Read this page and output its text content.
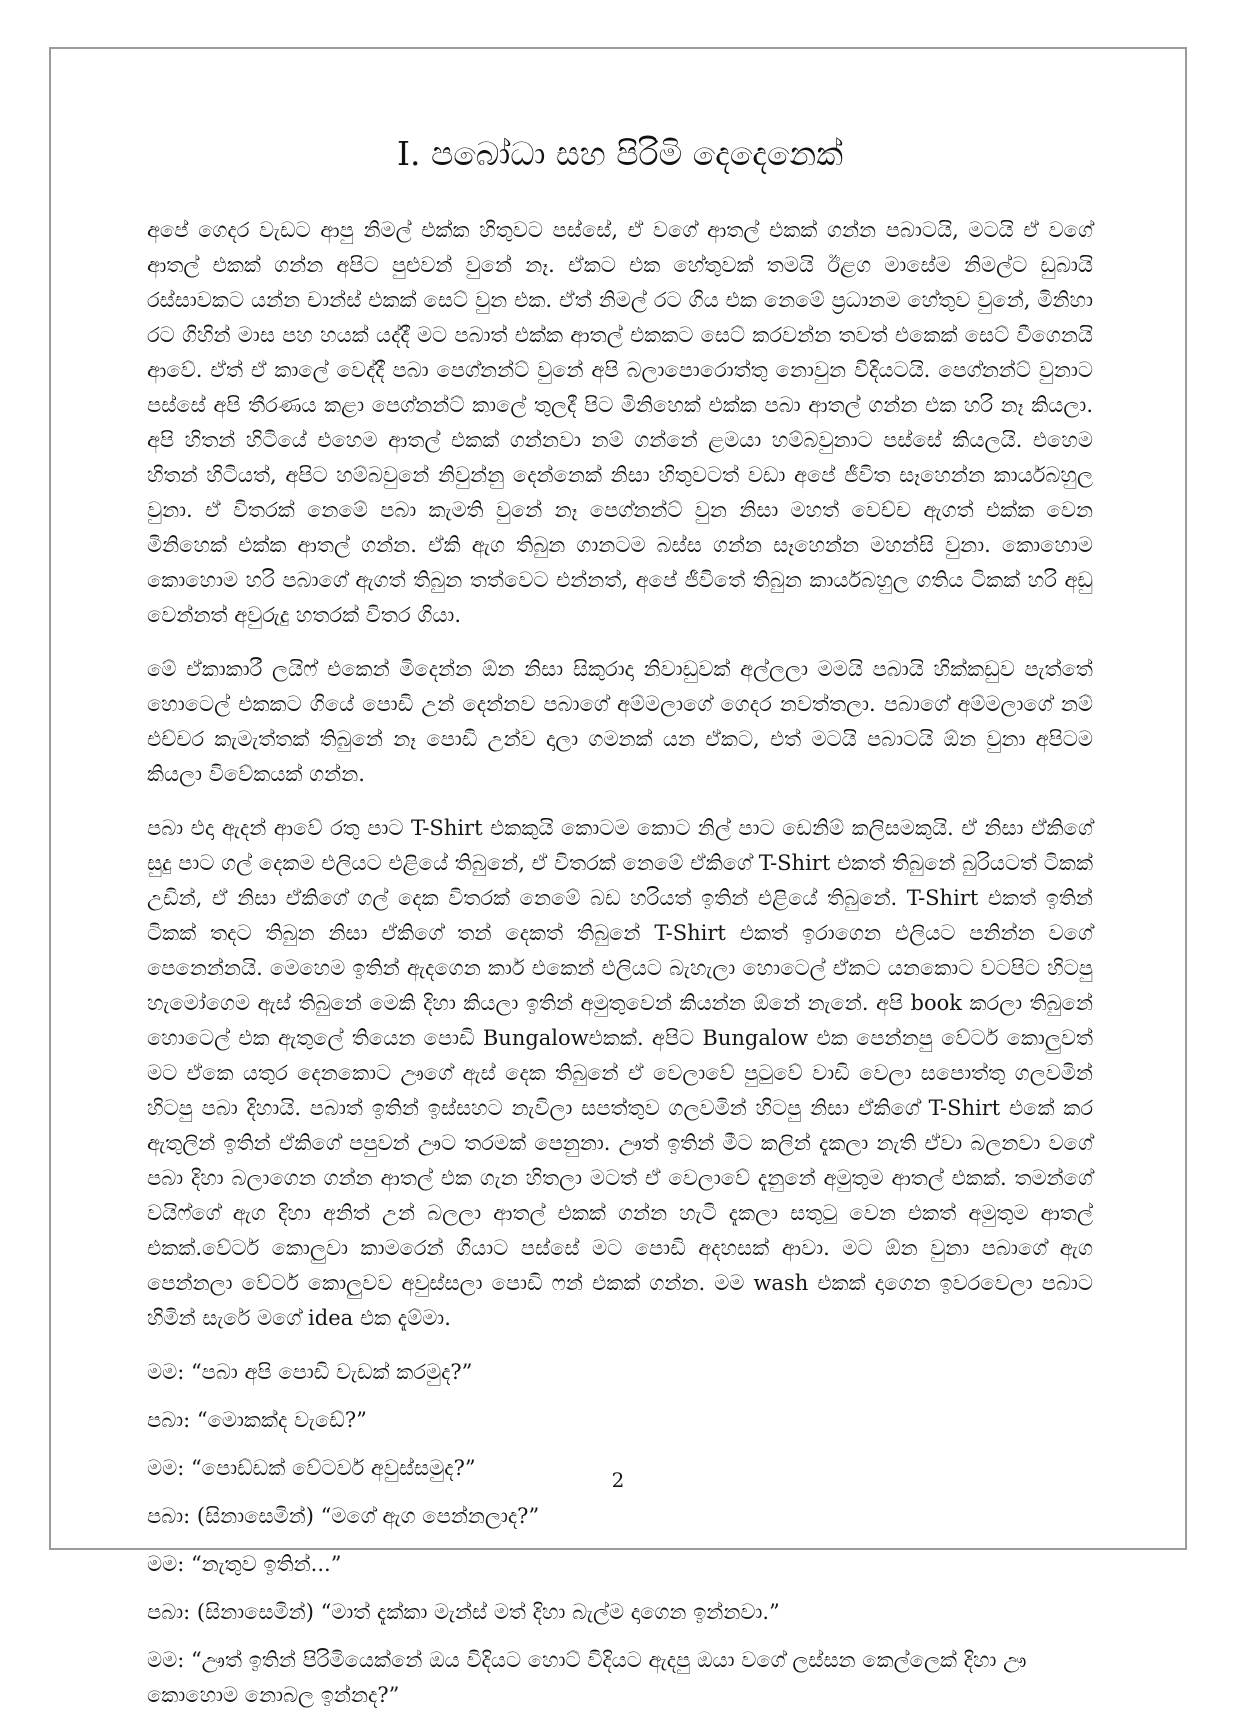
I. පබෝධා සහ පිරිමි දෙදෙනෙක්

අපේ ගෙදර වැඩට ආපු නිමල් එක්ක හිතුවට පස්සේ, ඒ වගේ ආතල් එකක් ගන්න පබාටයි, මටයි ඒ වගේ ආතල් එකක් ගන්න අපිට පුළුවන් වුනේ නෑ. ඒකට එක හේතුවක් තමයි ඊළග මාසේම නිමල්ට ඩුබායි රස්සාවකට යන්න චාන්ස් එකක් සෙට් වුන එක. ඒත් නිමල් රට ගිය එක නෙමේ ප්‍රධානම හේතුව වුනේ, මිනිහා රට ගිහින් මාස පහ හයක් යද්දී මට පබාත් එක්ක ආතල් එකකට සෙට් කරවන්න තවත් එකෙක් සෙට් වීගෙනයි ආවේ. ඒත් ඒ කාලේ වෙද්දී පබා පෙග්නන්ට් වුනේ අපි බලාපොරොත්තු නොවුන විදියටයි. පෙග්නන්ට් වුනාට පස්සේ අපි තීරණය කළා පෙග්නන්ට් කාලේ තුලදී පිට මිනිහෙක් එක්ක පබා ආතල් ගන්න එක හරි නෑ කියලා. අපි හිතන් හිටියේ එහෙම ආතල් එකක් ගන්නවා නම් ගන්නේ ළමයා හම්බවුනාට පස්සේ කියලයි. එහෙම හිතන් හිටියත්, අපිට හම්බවුනේ නිවුන්නු දෙන්නෙක් නිසා හිතුවටත් වඩා අපේ ජීවිත සෑහෙන්න කාර්යබහුල වුනා. ඒ විතරක් නෙමේ පබා කැමති වුනේ නෑ පෙග්නන්ට් වුන නිසා මහත් වෙච්ච ඇගත් එක්ක වෙන මිනිහෙක් එක්ක ආතල් ගන්න. ඒකි ඇග තිබුන ගානටම බස්ස ගන්න සෑහෙන්න මහන්සි වුනා. කොහොම කොහොම හරි පබාගේ ඇගත් තිබුන තත්වෙට එන්නත්, අපේ ජීවිතේ තිබුන කාර්යබහුල ගතිය ටිකක් හරි අඩු වෙන්නත් අවුරුදු හතරක් විතර ගියා.

මේ ඒකාකාරී ලයිෆ් එකෙන් මිදෙන්න ඕන නිසා සිකුරාදා නිවාඩුවක් අල්ලලා මමයි පබායි හික්කඩුව පැත්තේ හොටෙල් එකකට ගියේ පොඩි උන් දෙන්නව පබාගේ අම්මලාගේ ගෙදර නවත්තලා. පබාගේ අම්මලාගේ නම් එච්චර කැමැත්තක් තිබුනේ නෑ පොඩි උන්ව දාලා ගමනක් යන ඒකට, එත් මටයි පබාටයි ඕන වුනා අපිටම කියලා විවේකයක් ගන්න.

පබා එදා ඇදන් ආවේ රතු පාට T-Shirt එකකුයි කොටම කොට නිල් පාට ඩෙනිම් කලිසමකුයි. ඒ නිසා ඒකිගේ සුදු පාට ගල් දෙකම එලියට එළියේ තිබුනේ, ඒ විතරක් නෙමේ ඒකිගේ T-Shirt එකත් තිබුනේ බුරියටත් ටිකක් උඩින්, ඒ නිසා ඒකිගේ ගල් දෙක විතරක් නෙමේ බඩ හරියත් ඉතින් එළියේ තිබුනේ. T-Shirt එකත් ඉතින් ටිකක් තදට තිබුන නිසා ඒකිගේ තන් දෙකත් තිබුනේ T-Shirt එකත් ඉරාගෙන එලියට පනින්න වගේ පෙනෙන්නයි. මෙහෙම ඉතින් ඇදගෙන කාර් එකෙන් එලියට බැහැලා හොටෙල් ඒකට යනකොට වටපිට හිටපු හැමෝගෙම ඇස් තිබුනේ මෙකි දිහා කියලා ඉතින් අමුතුවෙන් කියන්න ඕනේ නැනේ. අපි book කරලා තිබුනේ හොටෙල් එක ඇතුලේ තියෙන පොඩි Bungalowඑකක්. අපිට Bungalow එක පෙන්නපු වේටර් කොලුවත් මට ඒකෙ යතුර දෙනකොට ඌගේ ඇස් දෙක තිබුනේ ඒ වෙලාවේ පුටුවේ වාඩි වෙලා සපොත්තු ගලවමින් හිටපු පබා දිහායි. පබාත් ඉතින් ඉස්සහට නැවිලා සපත්තුව ගලවමින් හිටපු නිසා ඒකිගේ T-Shirt එකේ කර ඇතුලින් ඉතින් ඒකිගේ පපුවන් ඌට තරමක් පෙනුනා. ඌත් ඉතින් මීට කලින් දැකලා නැති ඒවා බලනවා වගේ පබා දිහා බලාගෙන ගන්න ආතල් එක ගැන හිතලා මටත් ඒ වෙලාවේ දැනුනේ අමුතුම ආතල් එකක්. තමන්ගේ වයිෆ්ගේ ඇග දිහා අනිත් උන් බලලා ආතල් එකක් ගන්න හැටි දැකලා සතුටු වෙන එකත් අමුතුම ආතල් එකක්.වේටර් කොලුවා කාමරෙන් ගියාට පස්සේ මට පොඩි අදහසක් ආවා. මට ඕන වුනා පබාගේ ඇග පෙන්නලා වේටර් කොලුවව අවුස්සලා පොඩි ෆන් එකක් ගන්න. මම wash එකක් දාගෙන ඉවරවෙලා පබාට හිමින් සැරේ මගේ idea එක දැම්මා.

මම: “පබා අපි පොඩි වැඩක් කරමුද?”

පබා: “මොකක්ද වැඩේ?”

මම: “පොඩ්ඩක් වේටර්ව අවුස්සමුද?”

පබා: (සිනාසෙමින්) “මගේ ඇග පෙන්නලාද?”

මම: “නැතුව ඉතින්...”

පබා: (සිනාසෙමින්) “මාත් දැක්කා මැන්ස් මත් දිහා බැල්ම දාගෙන ඉන්නවා.”

මම: “ඌත් ඉතින් පිරිමියෙක්නේ ඔය විදියට හොට් විදියට ඇදපු ඔයා වගේ ලස්සන කෙල්ලෙක් දිහා ඌ කොහොම නොබල ඉන්නද?”

2
